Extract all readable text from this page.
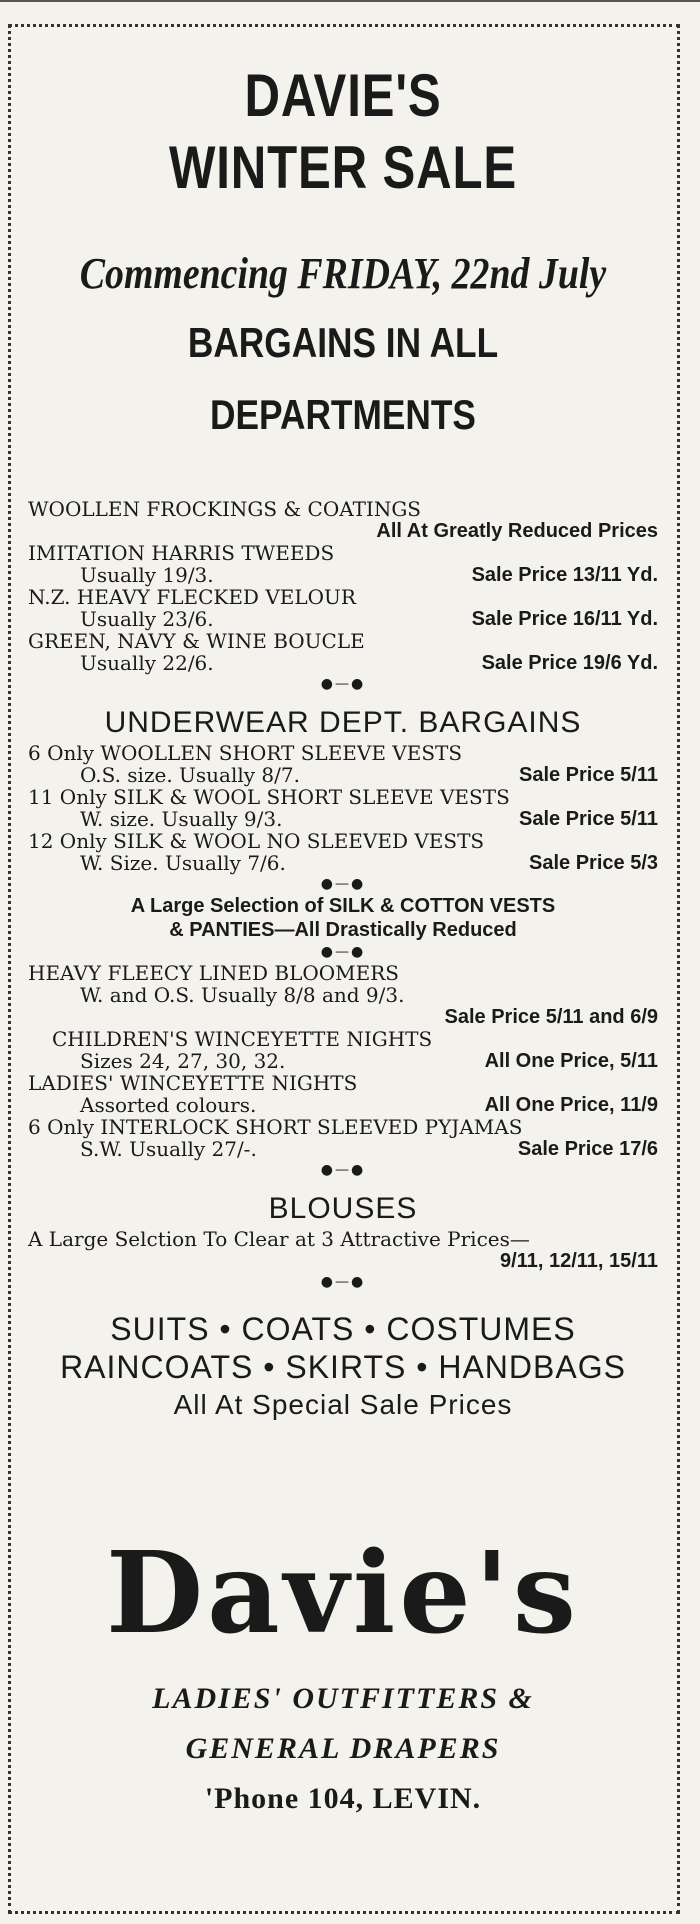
DAVIE'S
WINTER SALE
Commencing FRIDAY, 22nd July
BARGAINS IN ALL
DEPARTMENTS
WOOLLEN FROCKINGS & COATINGS
All At Greatly Reduced Prices
IMITATION HARRIS TWEEDS
Usually 19/3.	Sale Price 13/11 Yd.
N.Z. HEAVY FLECKED VELOUR
Usually 23/6.	Sale Price 16/11 Yd.
GREEN, NAVY & WINE BOUCLE
Usually 22/6.	Sale Price 19/6 Yd.
●—●
UNDERWEAR DEPT. BARGAINS
6 Only WOOLLEN SHORT SLEEVE VESTS
O.S. size. Usually 8/7.	Sale Price 5/11
11 Only SILK & WOOL SHORT SLEEVE VESTS
W. size. Usually 9/3.	Sale Price 5/11
12 Only SILK & WOOL NO SLEEVED VESTS
W. Size. Usually 7/6.	Sale Price 5/3
●—●
A Large Selection of SILK & COTTON VESTS
& PANTIES—All Drastically Reduced
●—●
HEAVY FLEECY LINED BLOOMERS
W. and O.S. Usually 8/8 and 9/3.
Sale Price 5/11 and 6/9
CHILDREN'S WINCEYETTE NIGHTS
Sizes 24, 27, 30, 32.	All One Price, 5/11
LADIES' WINCEYETTE NIGHTS
Assorted colours.	All One Price, 11/9
6 Only INTERLOCK SHORT SLEEVED PYJAMAS
S.W. Usually 27/-.	Sale Price 17/6
●—●
BLOUSES
A Large Selction To Clear at 3 Attractive Prices—
9/11, 12/11, 15/11
●—●
SUITS • COATS • COSTUMES
RAINCOATS • SKIRTS • HANDBAGS
All At Special Sale Prices
Davie's
LADIES' OUTFITTERS &
GENERAL DRAPERS
'Phone 104, LEVIN.
